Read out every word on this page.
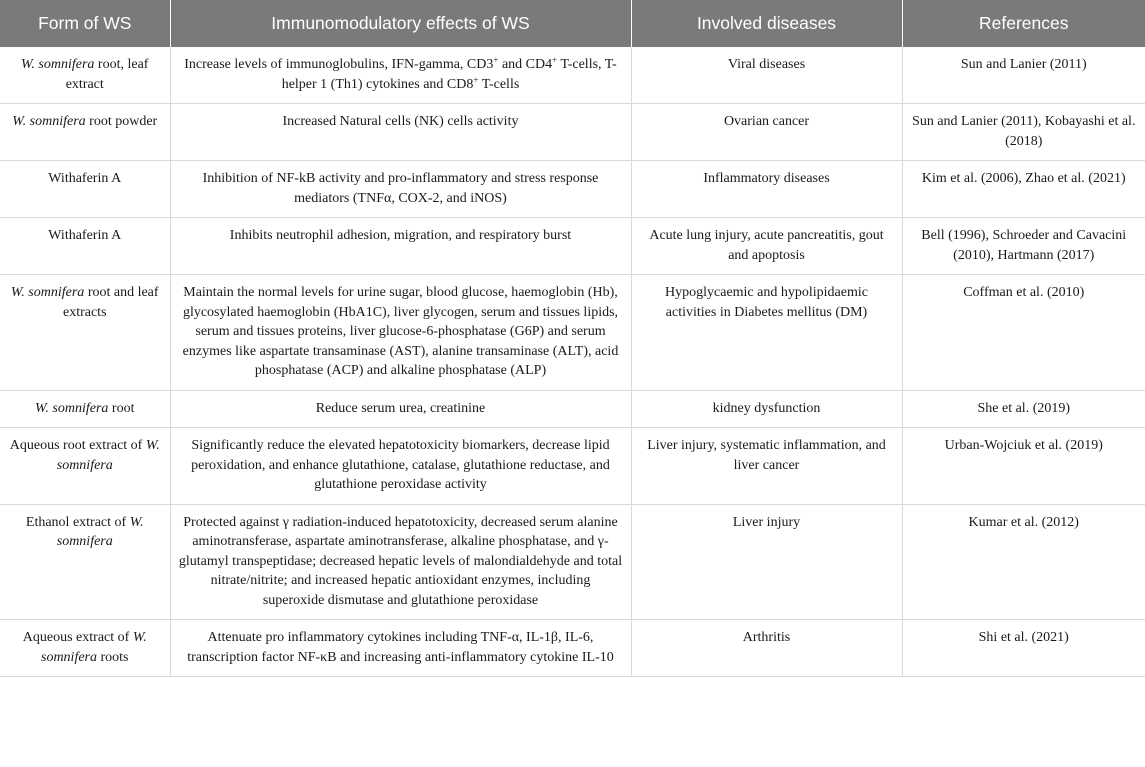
Form of WS	Immunomodulatory effects of WS	Involved diseases	References
W. somnifera root, leaf extract	Increase levels of immunoglobulins, IFN-gamma, CD3+ and CD4+ T-cells, T-helper 1 (Th1) cytokines and CD8+ T-cells	Viral diseases	Sun and Lanier (2011)
W. somnifera root powder	Increased Natural cells (NK) cells activity	Ovarian cancer	Sun and Lanier (2011), Kobayashi et al. (2018)
Withaferin A	Inhibition of NF-kB activity and pro-inflammatory and stress response mediators (TNFα, COX-2, and iNOS)	Inflammatory diseases	Kim et al. (2006), Zhao et al. (2021)
Withaferin A	Inhibits neutrophil adhesion, migration, and respiratory burst	Acute lung injury, acute pancreatitis, gout and apoptosis	Bell (1996), Schroeder and Cavacini (2010), Hartmann (2017)
W. somnifera root and leaf extracts	Maintain the normal levels for urine sugar, blood glucose, haemoglobin (Hb), glycosylated haemoglobin (HbA1C), liver glycogen, serum and tissues lipids, serum and tissues proteins, liver glucose-6-phosphatase (G6P) and serum enzymes like aspartate transaminase (AST), alanine transaminase (ALT), acid phosphatase (ACP) and alkaline phosphatase (ALP)	Hypoglycaemic and hypolipidaemic activities in Diabetes mellitus (DM)	Coffman et al. (2010)
W. somnifera root	Reduce serum urea, creatinine	kidney dysfunction	She et al. (2019)
Aqueous root extract of W. somnifera	Significantly reduce the elevated hepatotoxicity biomarkers, decrease lipid peroxidation, and enhance glutathione, catalase, glutathione reductase, and glutathione peroxidase activity	Liver injury, systematic inflammation, and liver cancer	Urban-Wojciuk et al. (2019)
Ethanol extract of W. somnifera	Protected against γ radiation-induced hepatotoxicity, decreased serum alanine aminotransferase, aspartate aminotransferase, alkaline phosphatase, and γ-glutamyl transpeptidase; decreased hepatic levels of malondialdehyde and total nitrate/nitrite; and increased hepatic antioxidant enzymes, including superoxide dismutase and glutathione peroxidase	Liver injury	Kumar et al. (2012)
Aqueous extract of W. somnifera roots	Attenuate pro inflammatory cytokines including TNF-α, IL-1β, IL-6, transcription factor NF-κB and increasing anti-inflammatory cytokine IL-10	Arthritis	Shi et al. (2021)
